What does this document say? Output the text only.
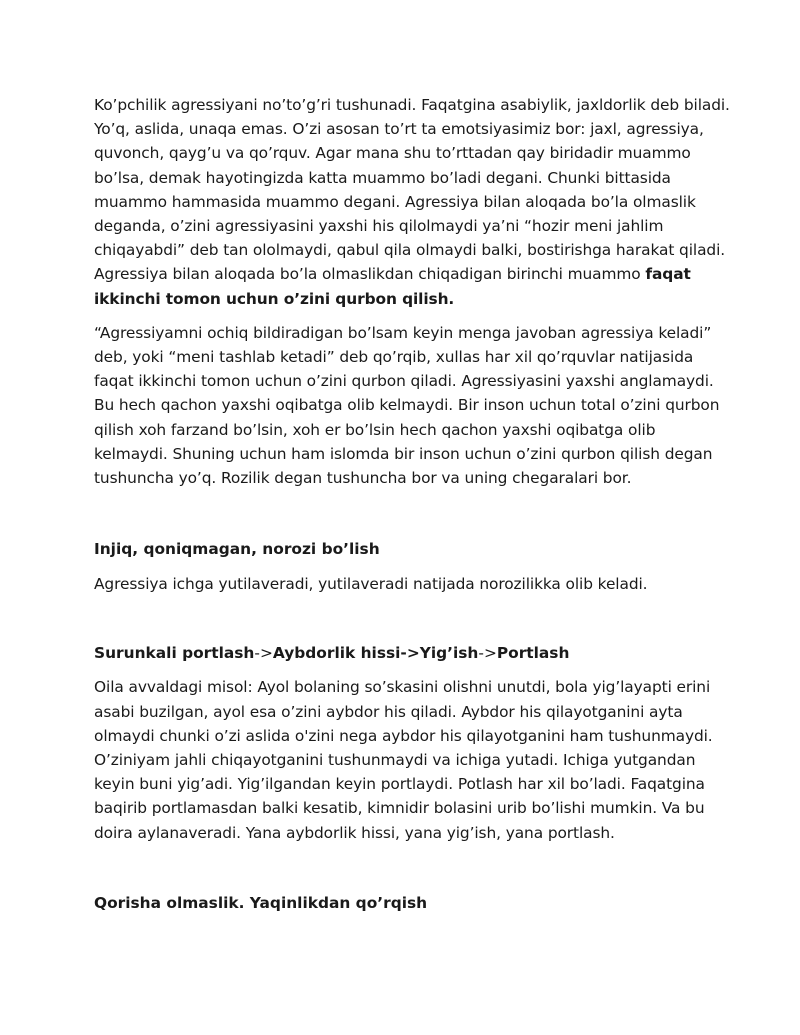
Ko’pchilik agressiyani no’to’g’ri tushunadi. Faqatgina asabiylik, jaxldorlik deb biladi.
Yo’q, aslida, unaqa emas. O’zi asosan to’rt ta emotsiyasimiz bor: jaxl, agressiya,
quvonch, qayg’u va qo’rquv. Agar mana shu to’rttadan qay biridadir muammo
bo’lsa, demak hayotingizda katta muammo bo’ladi degani. Chunki bittasida
muammo hammasida muammo degani. Agressiya bilan aloqada bo’la olmaslik
deganda, o’zini agressiyasini yaxshi his qilolmaydi ya’ni “hozir meni jahlim
chiqayabdi” deb tan ololmaydi, qabul qila olmaydi balki, bostirishga harakat qiladi.
Agressiya bilan aloqada bo’la olmaslikdan chiqadigan birinchi muammo faqat
ikkinchi tomon uchun o’zini qurbon qilish.

“Agressiyamni ochiq bildiradigan bo’lsam keyin menga javoban agressiya keladi”
deb, yoki “meni tashlab ketadi” deb qo’rqib, xullas har xil qo’rquvlar natijasida
faqat ikkinchi tomon uchun o’zini qurbon qiladi. Agressiyasini yaxshi anglamaydi.
Bu hech qachon yaxshi oqibatga olib kelmaydi. Bir inson uchun total o’zini qurbon
qilish xoh farzand bo’lsin, xoh er bo’lsin hech qachon yaxshi oqibatga olib
kelmaydi. Shuning uchun ham islomda bir inson uchun o’zini qurbon qilish degan
tushuncha yo’q. Rozilik degan tushuncha bor va uning chegaralari bor.

Injiq, qoniqmagan, norozi bo’lish

Agressiya ichga yutilaveradi, yutilaveradi natijada norozilikka olib keladi.

Surunkali portlash->Aybdorlik hissi->Yig’ish->Portlash

Oila avvaldagi misol: Ayol bolaning so’skasini olishni unutdi, bola yig’layapti erini
asabi buzilgan, ayol esa o’zini aybdor his qiladi. Aybdor his qilayotganini ayta
olmaydi chunki o’zi aslida o'zini nega aybdor his qilayotganini ham tushunmaydi.
O’ziniyam jahli chiqayotganini tushunmaydi va ichiga yutadi. Ichiga yutgandan
keyin buni yig’adi. Yig’ilgandan keyin portlaydi. Potlash har xil bo’ladi. Faqatgina
baqirib portlamasdan balki kesatib, kimnidir bolasini urib bo’lishi mumkin. Va bu
doira aylanaveradi. Yana aybdorlik hissi, yana yig’ish, yana portlash.

Qorisha olmaslik. Yaqinlikdan qo’rqish
